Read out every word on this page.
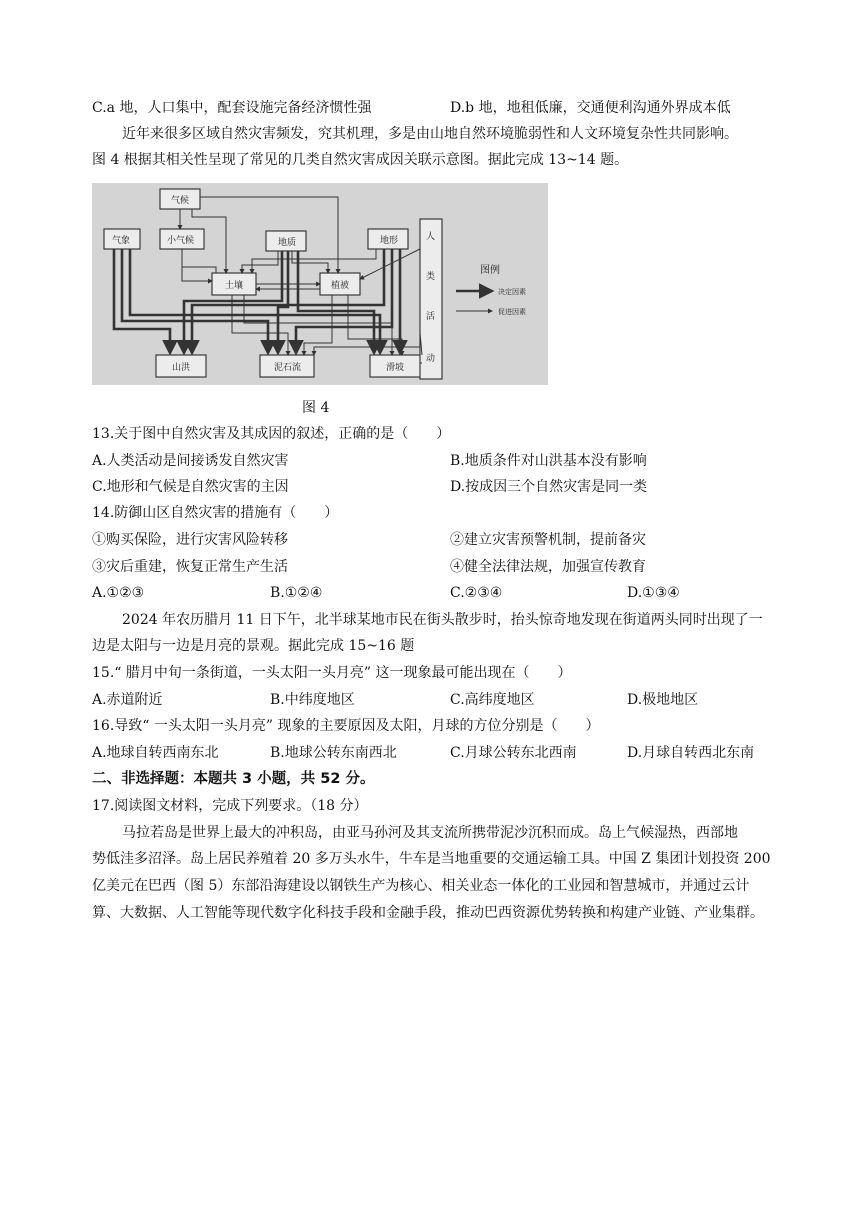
C.a 地，人口集中，配套设施完备经济惯性强	D.b 地，地租低廉，交通便利沟通外界成本低
近年来很多区域自然灾害频发，究其机理，多是由山地自然环境脆弱性和人文环境复杂性共同影响。
图 4 根据其相关性呈现了常见的几类自然灾害成因关联示意图。据此完成 13~14 题。
气候
气象	小气候	地质	地形
土壤	植被
山洪	泥石流	滑坡
人
类
活
动
图例
决定因素
促进因素
图 4
13.关于图中自然灾害及其成因的叙述，正确的是（　　）
A.人类活动是间接诱发自然灾害	B.地质条件对山洪基本没有影响
C.地形和气候是自然灾害的主因	D.按成因三个自然灾害是同一类
14.防御山区自然灾害的措施有（　　）
①购买保险，进行灾害风险转移	②建立灾害预警机制，提前备灾
③灾后重建，恢复正常生产生活	④健全法律法规，加强宣传教育
A.①②③	B.①②④	C.②③④	D.①③④
2024 年农历腊月 11 日下午，北半球某地市民在街头散步时，抬头惊奇地发现在街道两头同时出现了一
边是太阳与一边是月亮的景观。据此完成 15~16 题
15.“ 腊月中旬一条街道，一头太阳一头月亮” 这一现象最可能出现在（　　）
A.赤道附近	B.中纬度地区	C.高纬度地区	D.极地地区
16.导致“ 一头太阳一头月亮” 现象的主要原因及太阳，月球的方位分别是（　　）
A.地球自转西南东北	B.地球公转东南西北	C.月球公转东北西南	D.月球自转西北东南
二、非选择题：本题共 3 小题，共 52 分。
17.阅读图文材料，完成下列要求。（18 分）
马拉若岛是世界上最大的冲积岛，由亚马孙河及其支流所携带泥沙沉积而成。岛上气候湿热，西部地
势低洼多沼泽。岛上居民养殖着 20 多万头水牛，牛车是当地重要的交通运输工具。中国 Z 集团计划投资 200
亿美元在巴西（图 5）东部沿海建设以钢铁生产为核心、相关业态一体化的工业园和智慧城市，并通过云计
算、大数据、人工智能等现代数字化科技手段和金融手段，推动巴西资源优势转换和构建产业链、产业集群。
